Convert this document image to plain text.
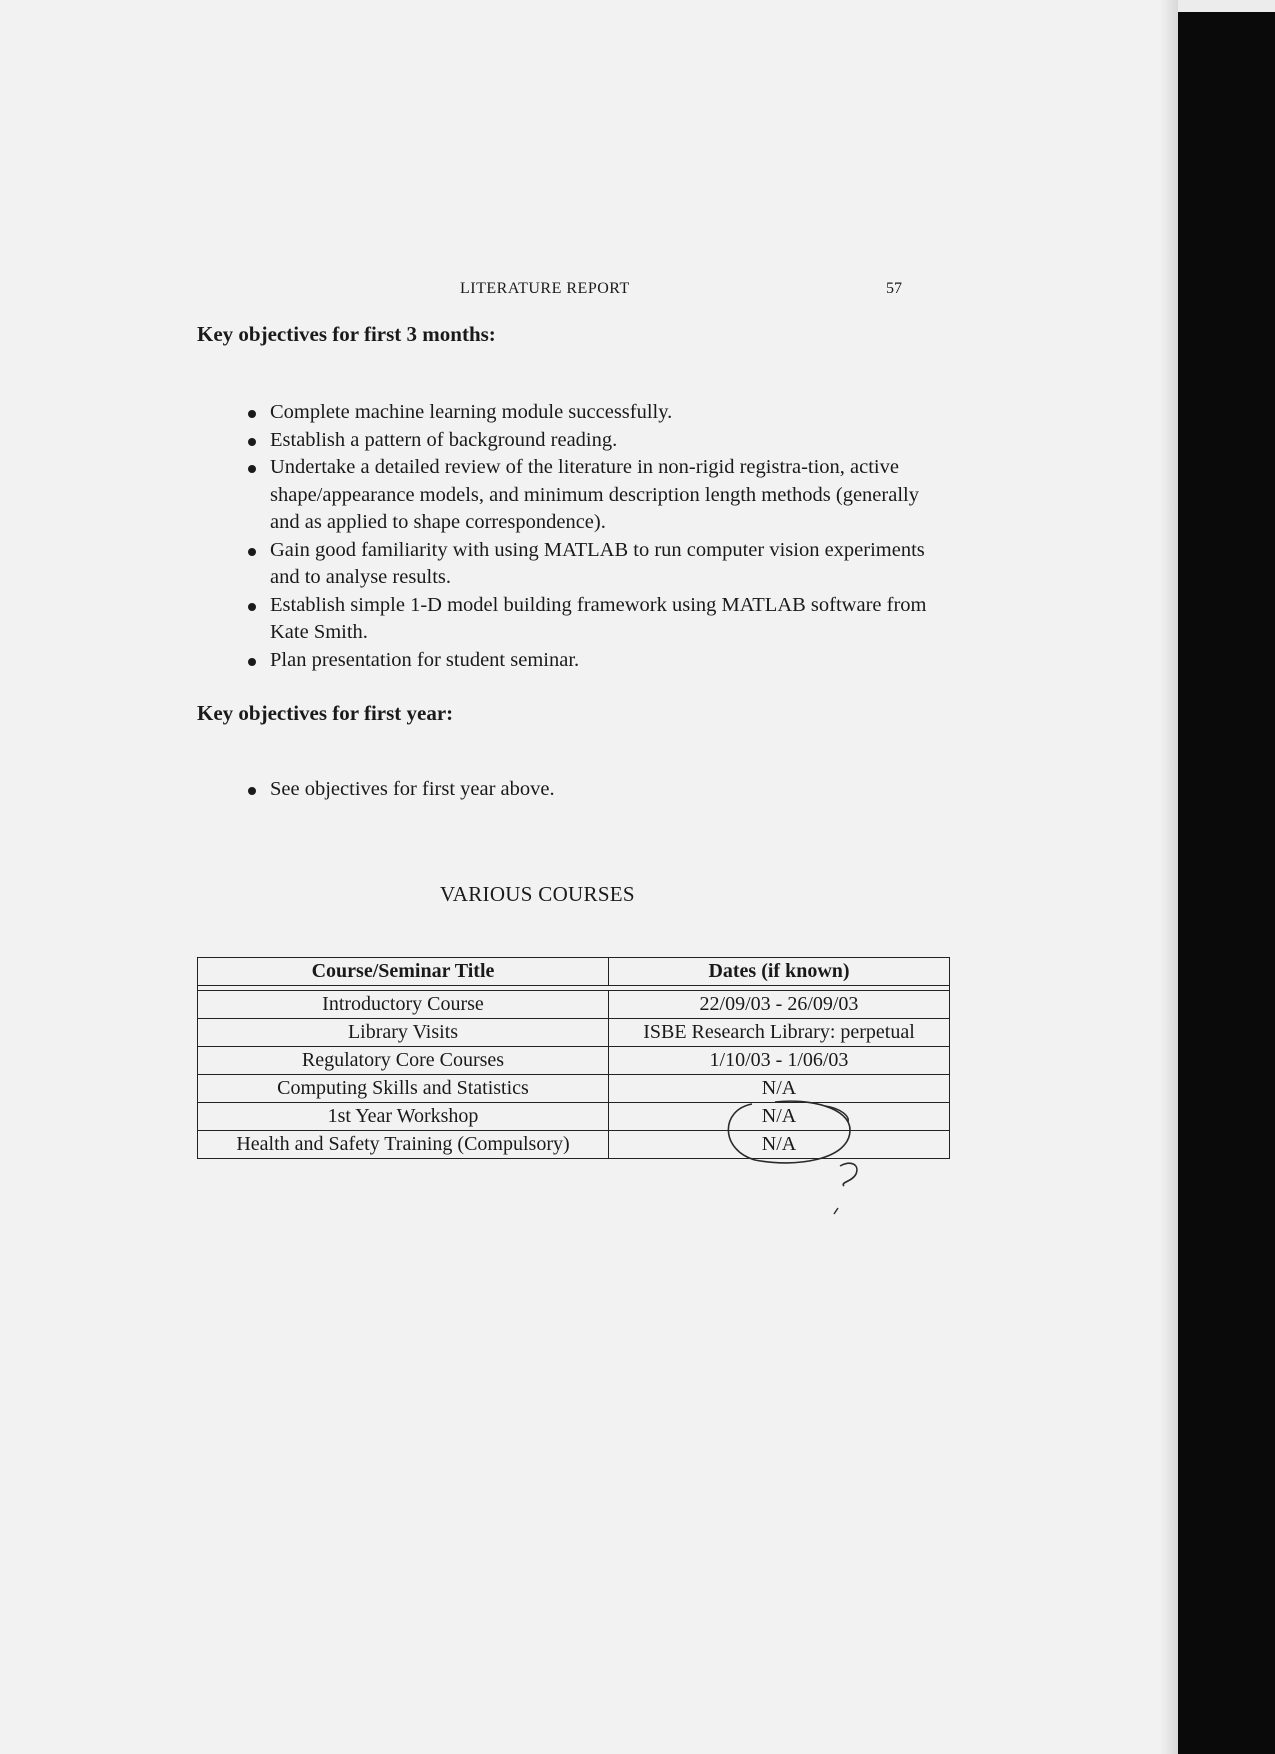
LITERATURE REPORT	57
Key objectives for first 3 months:
Complete machine learning module successfully.
Establish a pattern of background reading.
Undertake a detailed review of the literature in non-rigid registra-tion, active shape/appearance models, and minimum description length methods (generally and as applied to shape correspondence).
Gain good familiarity with using MATLAB to run computer vision experiments and to analyse results.
Establish simple 1-D model building framework using MATLAB software from Kate Smith.
Plan presentation for student seminar.
Key objectives for first year:
See objectives for first year above.
VARIOUS COURSES
Course/Seminar Title	Dates (if known)
Introductory Course	22/09/03 - 26/09/03
Library Visits	ISBE Research Library: perpetual
Regulatory Core Courses	1/10/03 - 1/06/03
Computing Skills and Statistics	N/A
1st Year Workshop	N/A
Health and Safety Training (Compulsory)	N/A
